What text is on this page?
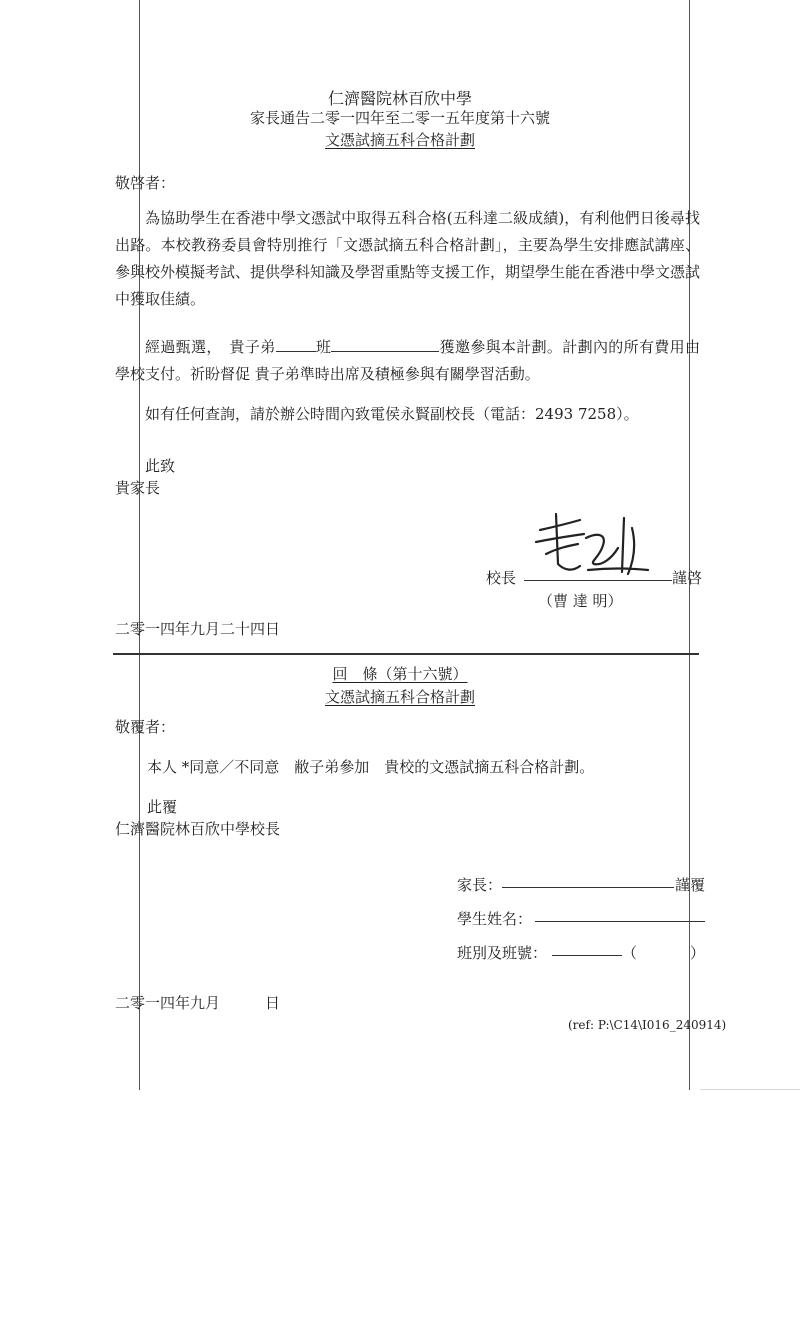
仁濟醫院林百欣中學
家長通告二零一四年至二零一五年度第十六號
文憑試摘五科合格計劃
敬啓者：
為協助學生在香港中學文憑試中取得五科合格(五科達二級成績)，有利他們日後尋找出路。本校教務委員會特別推行「文憑試摘五科合格計劃」，主要為學生安排應試講座、參與校外模擬考試、提供學科知識及學習重點等支援工作，期望學生能在香港中學文憑試中獲取佳績。
經過甄選，　貴子弟	班	獲邀參與本計劃。計劃內的所有費用由學校支付。祈盼督促 貴子弟準時出席及積極參與有關學習活動。
如有任何查詢，請於辦公時間內致電侯永賢副校長（電話：2493 7258）。
此致
貴家長
校長	謹啓
（曹 達 明）
二零一四年九月二十四日
回　條（第十六號）
文憑試摘五科合格計劃
敬覆者：
本人 *同意／不同意　敝子弟參加　貴校的文憑試摘五科合格計劃。
此覆
仁濟醫院林百欣中學校長
家長：	謹覆
學生姓名：
班別及班號：	（	）
二零一四年九月　　　日
(ref: P:\C14\I016_240914)
